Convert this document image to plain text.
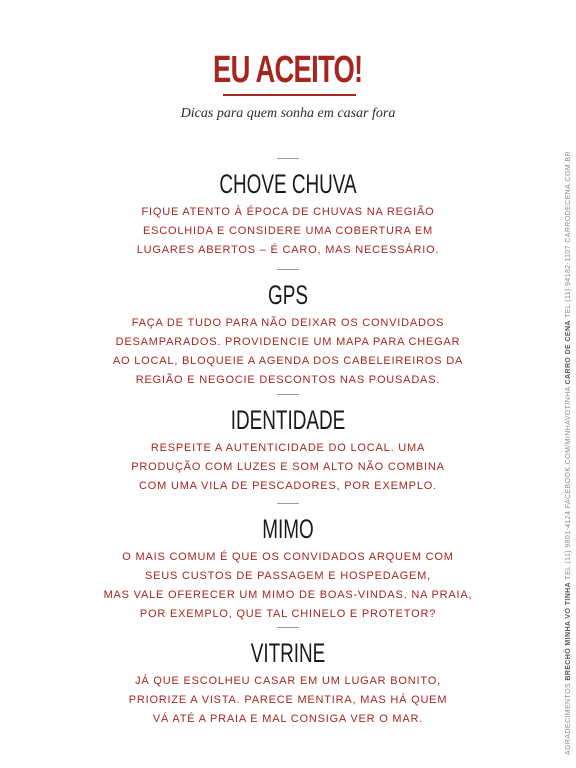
EU ACEITO!
Dicas para quem sonha em casar fora
CHOVE CHUVA
FIQUE ATENTO À ÉPOCA DE CHUVAS NA REGIÃO
ESCOLHIDA E CONSIDERE UMA COBERTURA EM
LUGARES ABERTOS – É CARO, MAS NECESSÁRIO.
GPS
FAÇA DE TUDO PARA NÃO DEIXAR OS CONVIDADOS
DESAMPARADOS. PROVIDENCIE UM MAPA PARA CHEGAR
AO LOCAL, BLOQUEIE A AGENDA DOS CABELEIREIROS DA
REGIÃO E NEGOCIE DESCONTOS NAS POUSADAS.
IDENTIDADE
RESPEITE A AUTENTICIDADE DO LOCAL. UMA
PRODUÇÃO COM LUZES E SOM ALTO NÃO COMBINA
COM UMA VILA DE PESCADORES, POR EXEMPLO.
MIMO
O MAIS COMUM É QUE OS CONVIDADOS ARQUEM COM
SEUS CUSTOS DE PASSAGEM E HOSPEDAGEM,
MAS VALE OFERECER UM MIMO DE BOAS-VINDAS. NA PRAIA,
POR EXEMPLO, QUE TAL CHINELO E PROTETOR?
VITRINE
JÁ QUE ESCOLHEU CASAR EM UM LUGAR BONITO,
PRIORIZE A VISTA. PARECE MENTIRA, MAS HÁ QUEM
VÁ ATÉ A PRAIA E MAL CONSIGA VER O MAR.	AGRADECIMENTOS BRECHÓ MINHA VÓ TINHA TEL (11) 9801-4124 FACEBOOK.COM/MINHAVOTINHA CARRO DE CENA TEL (11) 94182-1107 CARRODECENA.COM.BR
